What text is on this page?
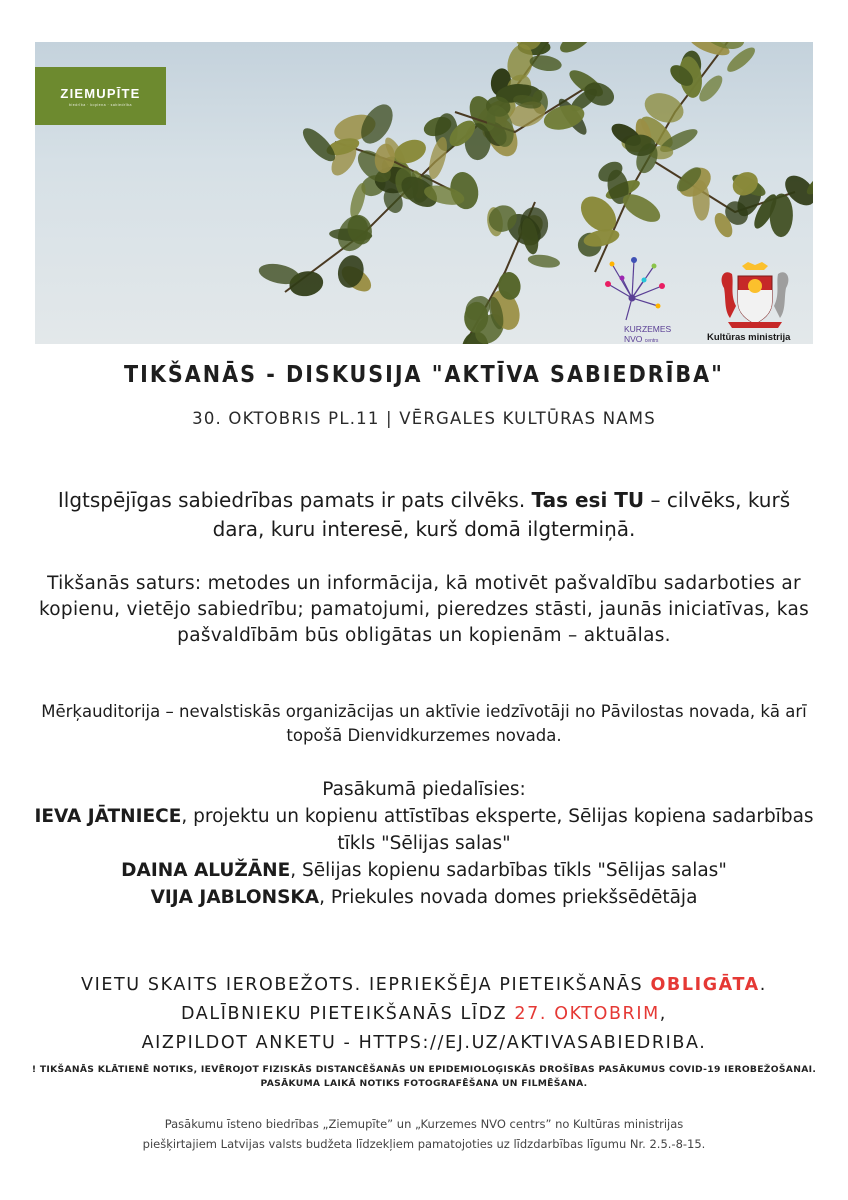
ZIEMUPĪTE
biedrība · kopiena · sabiedrība
KURZEMES
NVO centrs	Kultūras ministrija
TIKŠANĀS - DISKUSIJA "AKTĪVA SABIEDRĪBA"
30. OKTOBRIS PL.11 | VĒRGALES KULTŪRAS NAMS
Ilgtspējīgas sabiedrības pamats ir pats cilvēks. Tas esi TU – cilvēks, kurš dara, kuru interesē, kurš domā ilgtermiņā.
Tikšanās saturs: metodes un informācija, kā motivēt pašvaldību sadarboties ar kopienu, vietējo sabiedrību; pamatojumi, pieredzes stāsti, jaunās iniciatīvas, kas pašvaldībām būs obligātas un kopienām – aktuālas.
Mērķauditorija – nevalstiskās organizācijas un aktīvie iedzīvotāji no Pāvilostas novada, kā arī topošā Dienvidkurzemes novada.
Pasākumā piedalīsies:
IEVA JĀTNIECE, projektu un kopienu attīstības eksperte, Sēlijas kopiena sadarbības tīkls "Sēlijas salas"
DAINA ALUŽĀNE, Sēlijas kopienu sadarbības tīkls "Sēlijas salas"
VIJA JABLONSKA, Priekules novada domes priekšsēdētāja
VIETU SKAITS IEROBEŽOTS. IEPRIEKŠĒJA PIETEIKŠANĀS OBLIGĀTA.
DALĪBNIEKU PIETEIKŠANĀS LĪDZ 27. OKTOBRIM,
AIZPILDOT ANKETU - HTTPS://EJ.UZ/AKTIVASABIEDRIBA.
! TIKŠANĀS KLĀTIENĒ NOTIKS, IEVĒROJOT FIZISKĀS DISTANCĒŠANĀS UN EPIDEMIOLOĢISKĀS DROŠĪBAS PASĀKUMUS COVID-19 IEROBEŽOŠANAI.
PASĀKUMA LAIKĀ NOTIKS FOTOGRAFĒŠANA UN FILMĒŠANA.
Pasākumu īsteno biedrības „Ziemupīte” un „Kurzemes NVO centrs” no Kultūras ministrijas
piešķirtajiem Latvijas valsts budžeta līdzekļiem pamatojoties uz līdzdarbības līgumu Nr. 2.5.-8-15.
